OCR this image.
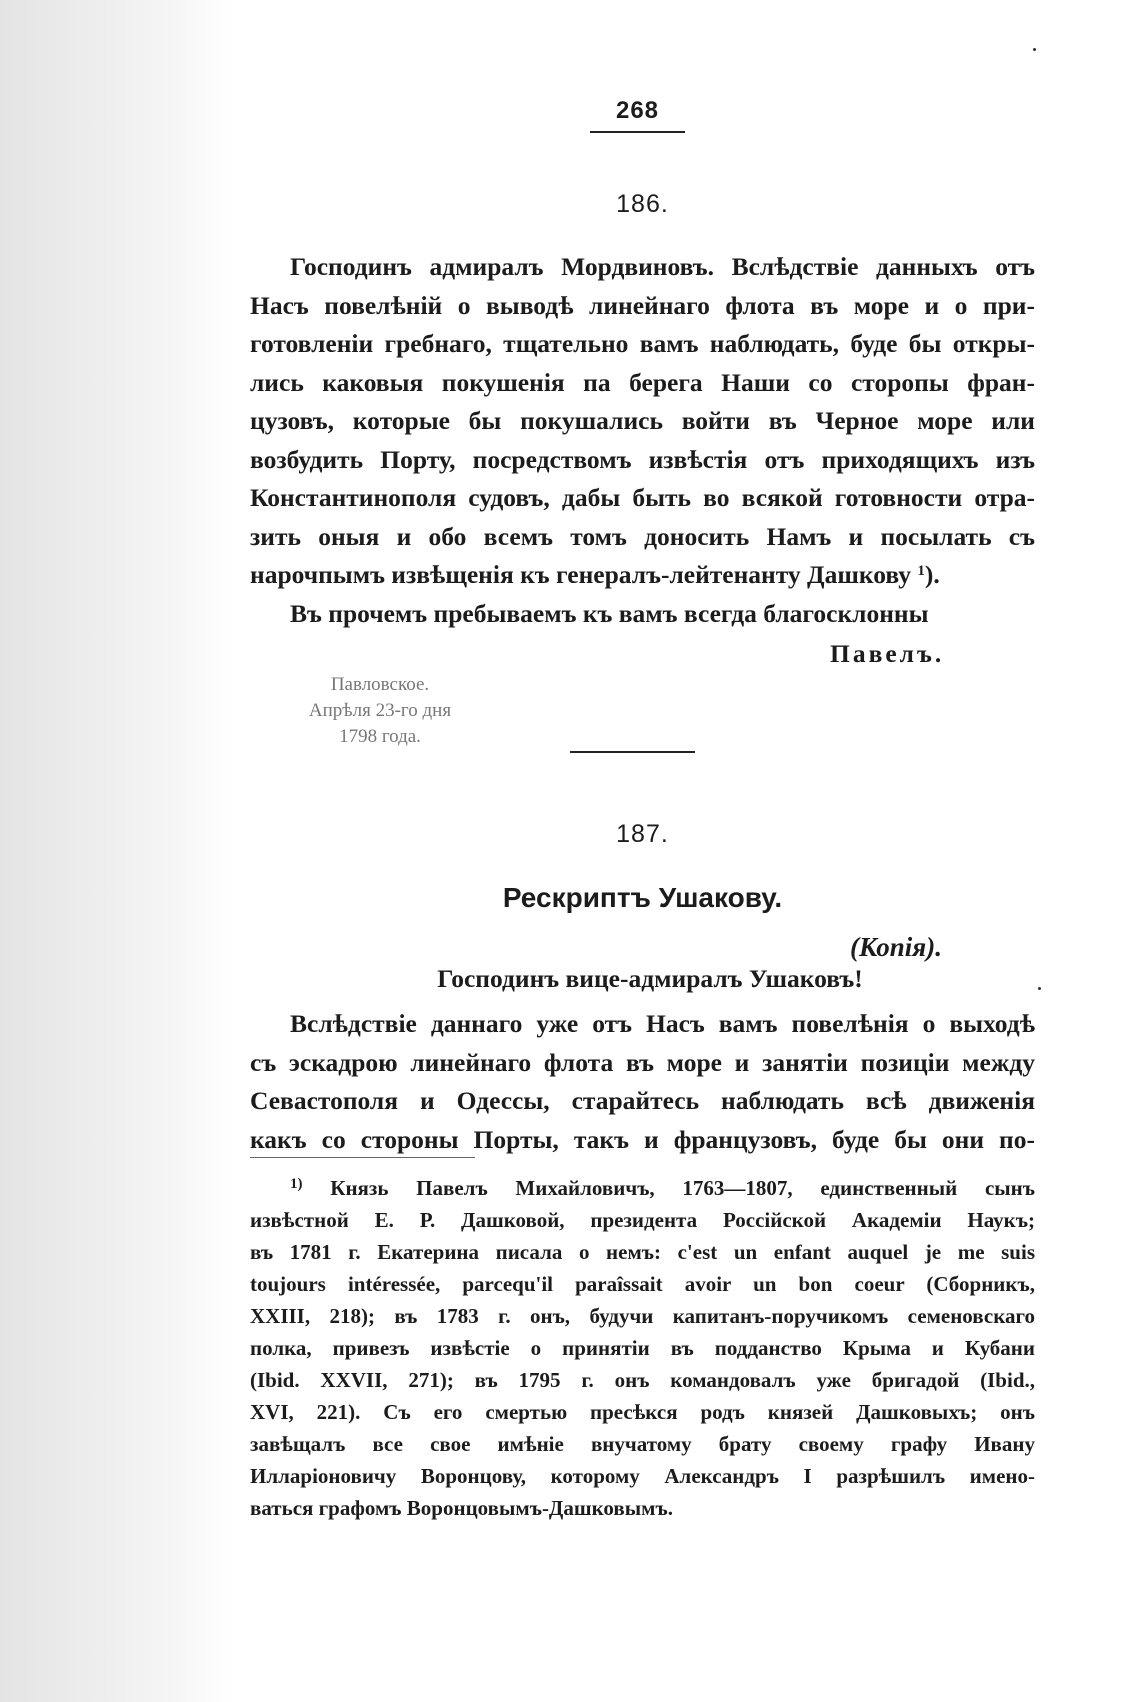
268
186.
Господинъ адмиралъ Мордвиновъ. Вслѣдствіе данныхъ отъ
Насъ повелѣній о выводѣ линейнаго флота въ море и о при-
готовленіи гребнаго, тщательно вамъ наблюдать, буде бы откры-
лись каковыя покушенія па берега Наши со сторопы фран-
цузовъ, которые бы покушались войти въ Черное море или
возбудить Порту, посредствомъ извѣстія отъ приходящихъ изъ
Константинополя судовъ, дабы быть во всякой готовности отра-
зить оныя и обо всемъ томъ доносить Намъ и посылать съ
нарочпымъ извѣщенія къ генералъ-лейтенанту Дашкову $^1$).
Въ прочемъ пребываемъ къ вамъ всегда благосклонны
Павелъ.
Павловское.
Апрѣля 23-го дня
1798 года.
187.
Рескриптъ Ушакову.
(Копія).
Господинъ вице-адмиралъ Ушаковъ!
Вслѣдствіе даннаго уже отъ Насъ вамъ повелѣнія о выходѣ
съ эскадрою линейнаго флота въ море и занятіи позиціи между
Севастополя и Одессы, старайтесь наблюдать всѣ движенія
какъ со стороны Порты, такъ и французовъ, буде бы они по-
$^{1)}$ Князь Павелъ Михайловичъ, 1763—1807, единственный сынъ
извѣстной Е. Р. Дашковой, президента Россійской Академіи Наукъ;
въ 1781 г. Екатерина писала о немъ: c'est un enfant auquel je me suis
toujours intéressée, parcequ'il paraîssait avoir un bon coeur (Сборникъ,
XXIII, 218); въ 1783 г. онъ, будучи капитанъ-поручикомъ семеновскаго
полка, привезъ извѣстіе о принятіи въ подданство Крыма и Кубани
(Ibid. XXVII, 271); въ 1795 г. онъ командовалъ уже бригадой (Ibid.,
XVI, 221). Съ его смертью пресѣкся родъ князей Дашковыхъ; онъ
завѣщалъ все свое имѣніе внучатому брату своему графу Ивану
Илларіоновичу Воронцову, которому Александръ I разрѣшилъ имено-
ваться графомъ Воронцовымъ-Дашковымъ.
